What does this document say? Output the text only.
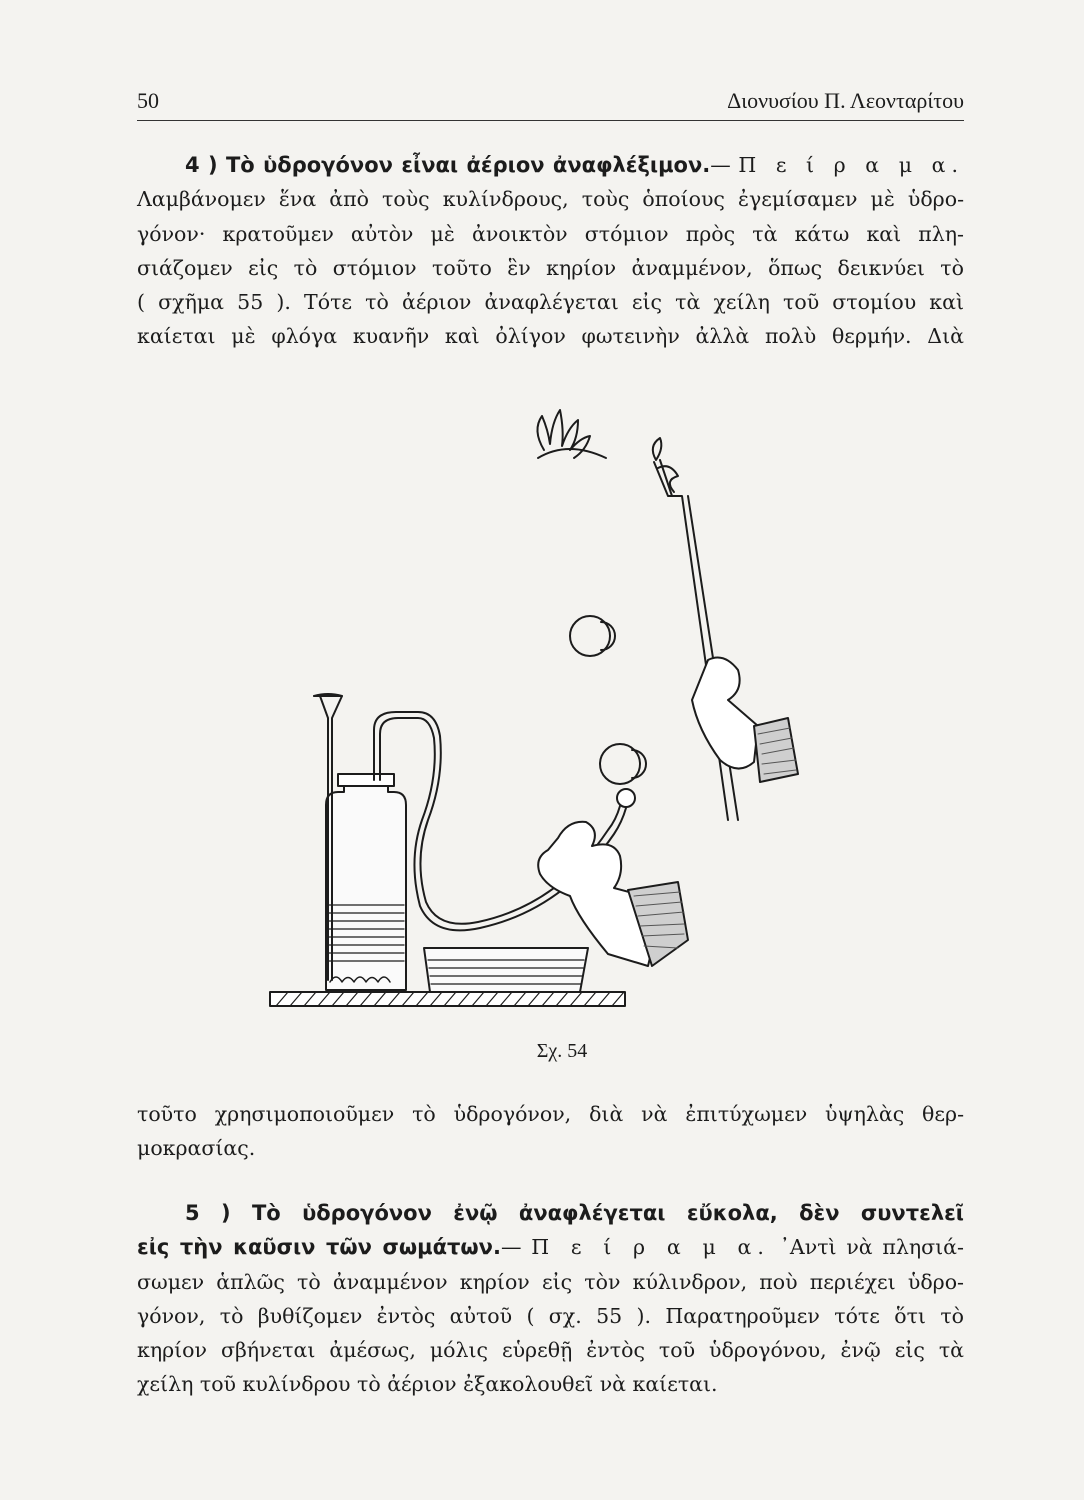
50	Διονυσίου Π. Λεονταρίτου
4 ) Τὸ ὑδρογόνον εἶναι ἀέριον ἀναφλέξιμον.— Π ε ί ρ α μ α.
Λαμβάνομεν ἕνα ἀπὸ τοὺς κυλίνδρους, τοὺς ὁποίους ἐγεμίσαμεν μὲ ὑδρο-
γόνον· κρατοῦμεν αὐτὸν μὲ ἀνοικτὸν στόμιον πρὸς τὰ κάτω καὶ πλη-
σιάζομεν εἰς τὸ στόμιον τοῦτο ἓν κηρίον ἀναμμένον, ὅπως δεικνύει τὸ
( σχῆμα 55 ). Τότε τὸ ἀέριον ἀναφλέγεται εἰς τὰ χείλη τοῦ στομίου καὶ
καίεται μὲ φλόγα κυανῆν καὶ ὀλίγον φωτεινὴν ἀλλὰ πολὺ θερμήν. Διὰ
Σχ. 54
τοῦτο χρησιμοποιοῦμεν τὸ ὑδρογόνον, διὰ νὰ ἐπιτύχωμεν ὑψηλὰς θερ-
μοκρασίας.
5 ) Τὸ ὑδρογόνον ἐνῷ ἀναφλέγεται εὔκολα, δὲν συντελεῖ
εἰς τὴν καῦσιν τῶν σωμάτων.— Π ε ί ρ α μ α. ᾿Αντὶ νὰ πλησιά-
σωμεν ἁπλῶς τὸ ἀναμμένον κηρίον εἰς τὸν κύλινδρον, ποὺ περιέχει ὑδρο-
γόνον, τὸ βυθίζομεν ἐντὸς αὐτοῦ ( σχ. 55 ). Παρατηροῦμεν τότε ὅτι τὸ
κηρίον σβήνεται ἀμέσως, μόλις εὑρεθῇ ἐντὸς τοῦ ὑδρογόνου, ἐνῷ εἰς τὰ
χείλη τοῦ κυλίνδρου τὸ ἀέριον ἐξακολουθεῖ νὰ καίεται.
